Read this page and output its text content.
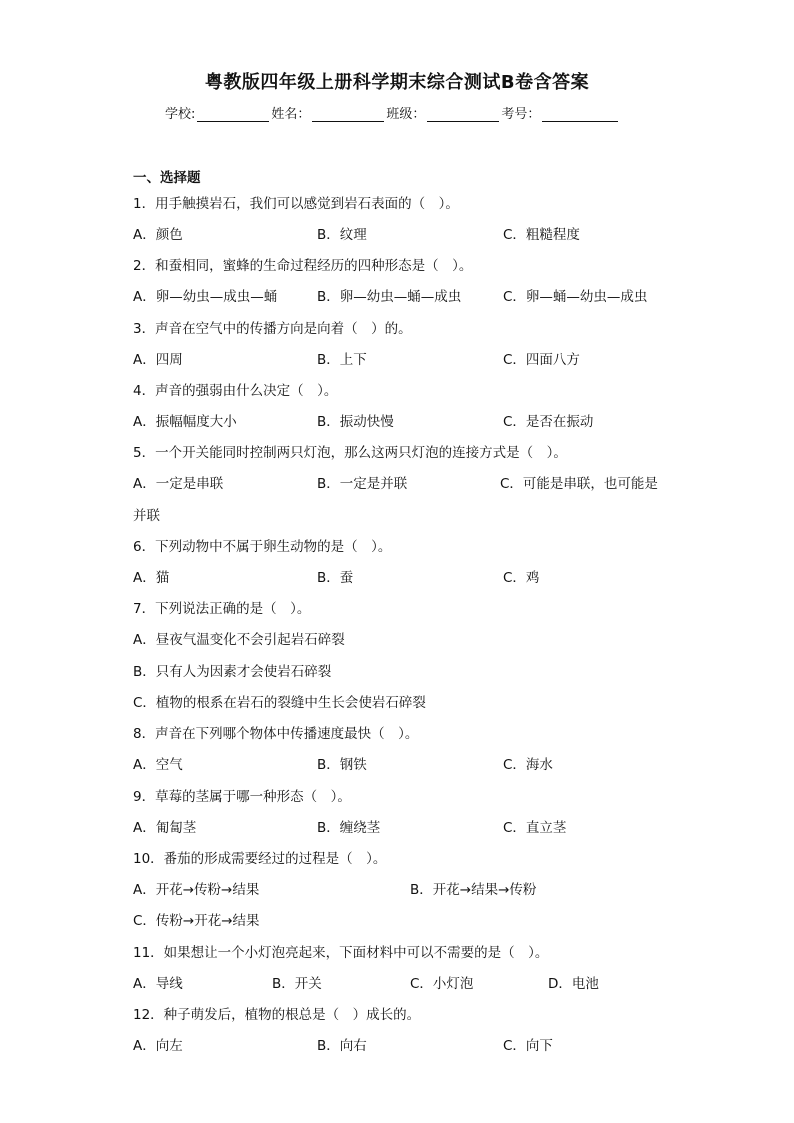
粤教版四年级上册科学期末综合测试B卷含答案
学校:	姓名：	班级：	考号：
一、选择题
1．用手触摸岩石，我们可以感觉到岩石表面的（　）。
A．颜色	B．纹理	C．粗糙程度
2．和蚕相同，蜜蜂的生命过程经历的四种形态是（　）。
A．卵—幼虫—成虫—蛹	B．卵—幼虫—蛹—成虫	C．卵—蛹—幼虫—成虫
3．声音在空气中的传播方向是向着（　）的。
A．四周	B．上下	C．四面八方
4．声音的强弱由什么决定（　）。
A．振幅幅度大小	B．振动快慢	C．是否在振动
5．一个开关能同时控制两只灯泡，那么这两只灯泡的连接方式是（　）。
A．一定是串联	B．一定是并联	C．可能是串联，也可能是
并联
6．下列动物中不属于卵生动物的是（　）。
A．猫	B．蚕	C．鸡
7．下列说法正确的是（　）。
A．昼夜气温变化不会引起岩石碎裂
B．只有人为因素才会使岩石碎裂
C．植物的根系在岩石的裂缝中生长会使岩石碎裂
8．声音在下列哪个物体中传播速度最快（　）。
A．空气	B．钢铁	C．海水
9．草莓的茎属于哪一种形态（　）。
A．匍匐茎	B．缠绕茎	C．直立茎
10．番茄的形成需要经过的过程是（　）。
A．开花→传粉→结果	B．开花→结果→传粉
C．传粉→开花→结果
11．如果想让一个小灯泡亮起来，下面材料中可以不需要的是（　）。
A．导线	B．开关	C．小灯泡	D．电池
12．种子萌发后，植物的根总是（　）成长的。
A．向左	B．向右	C．向下
